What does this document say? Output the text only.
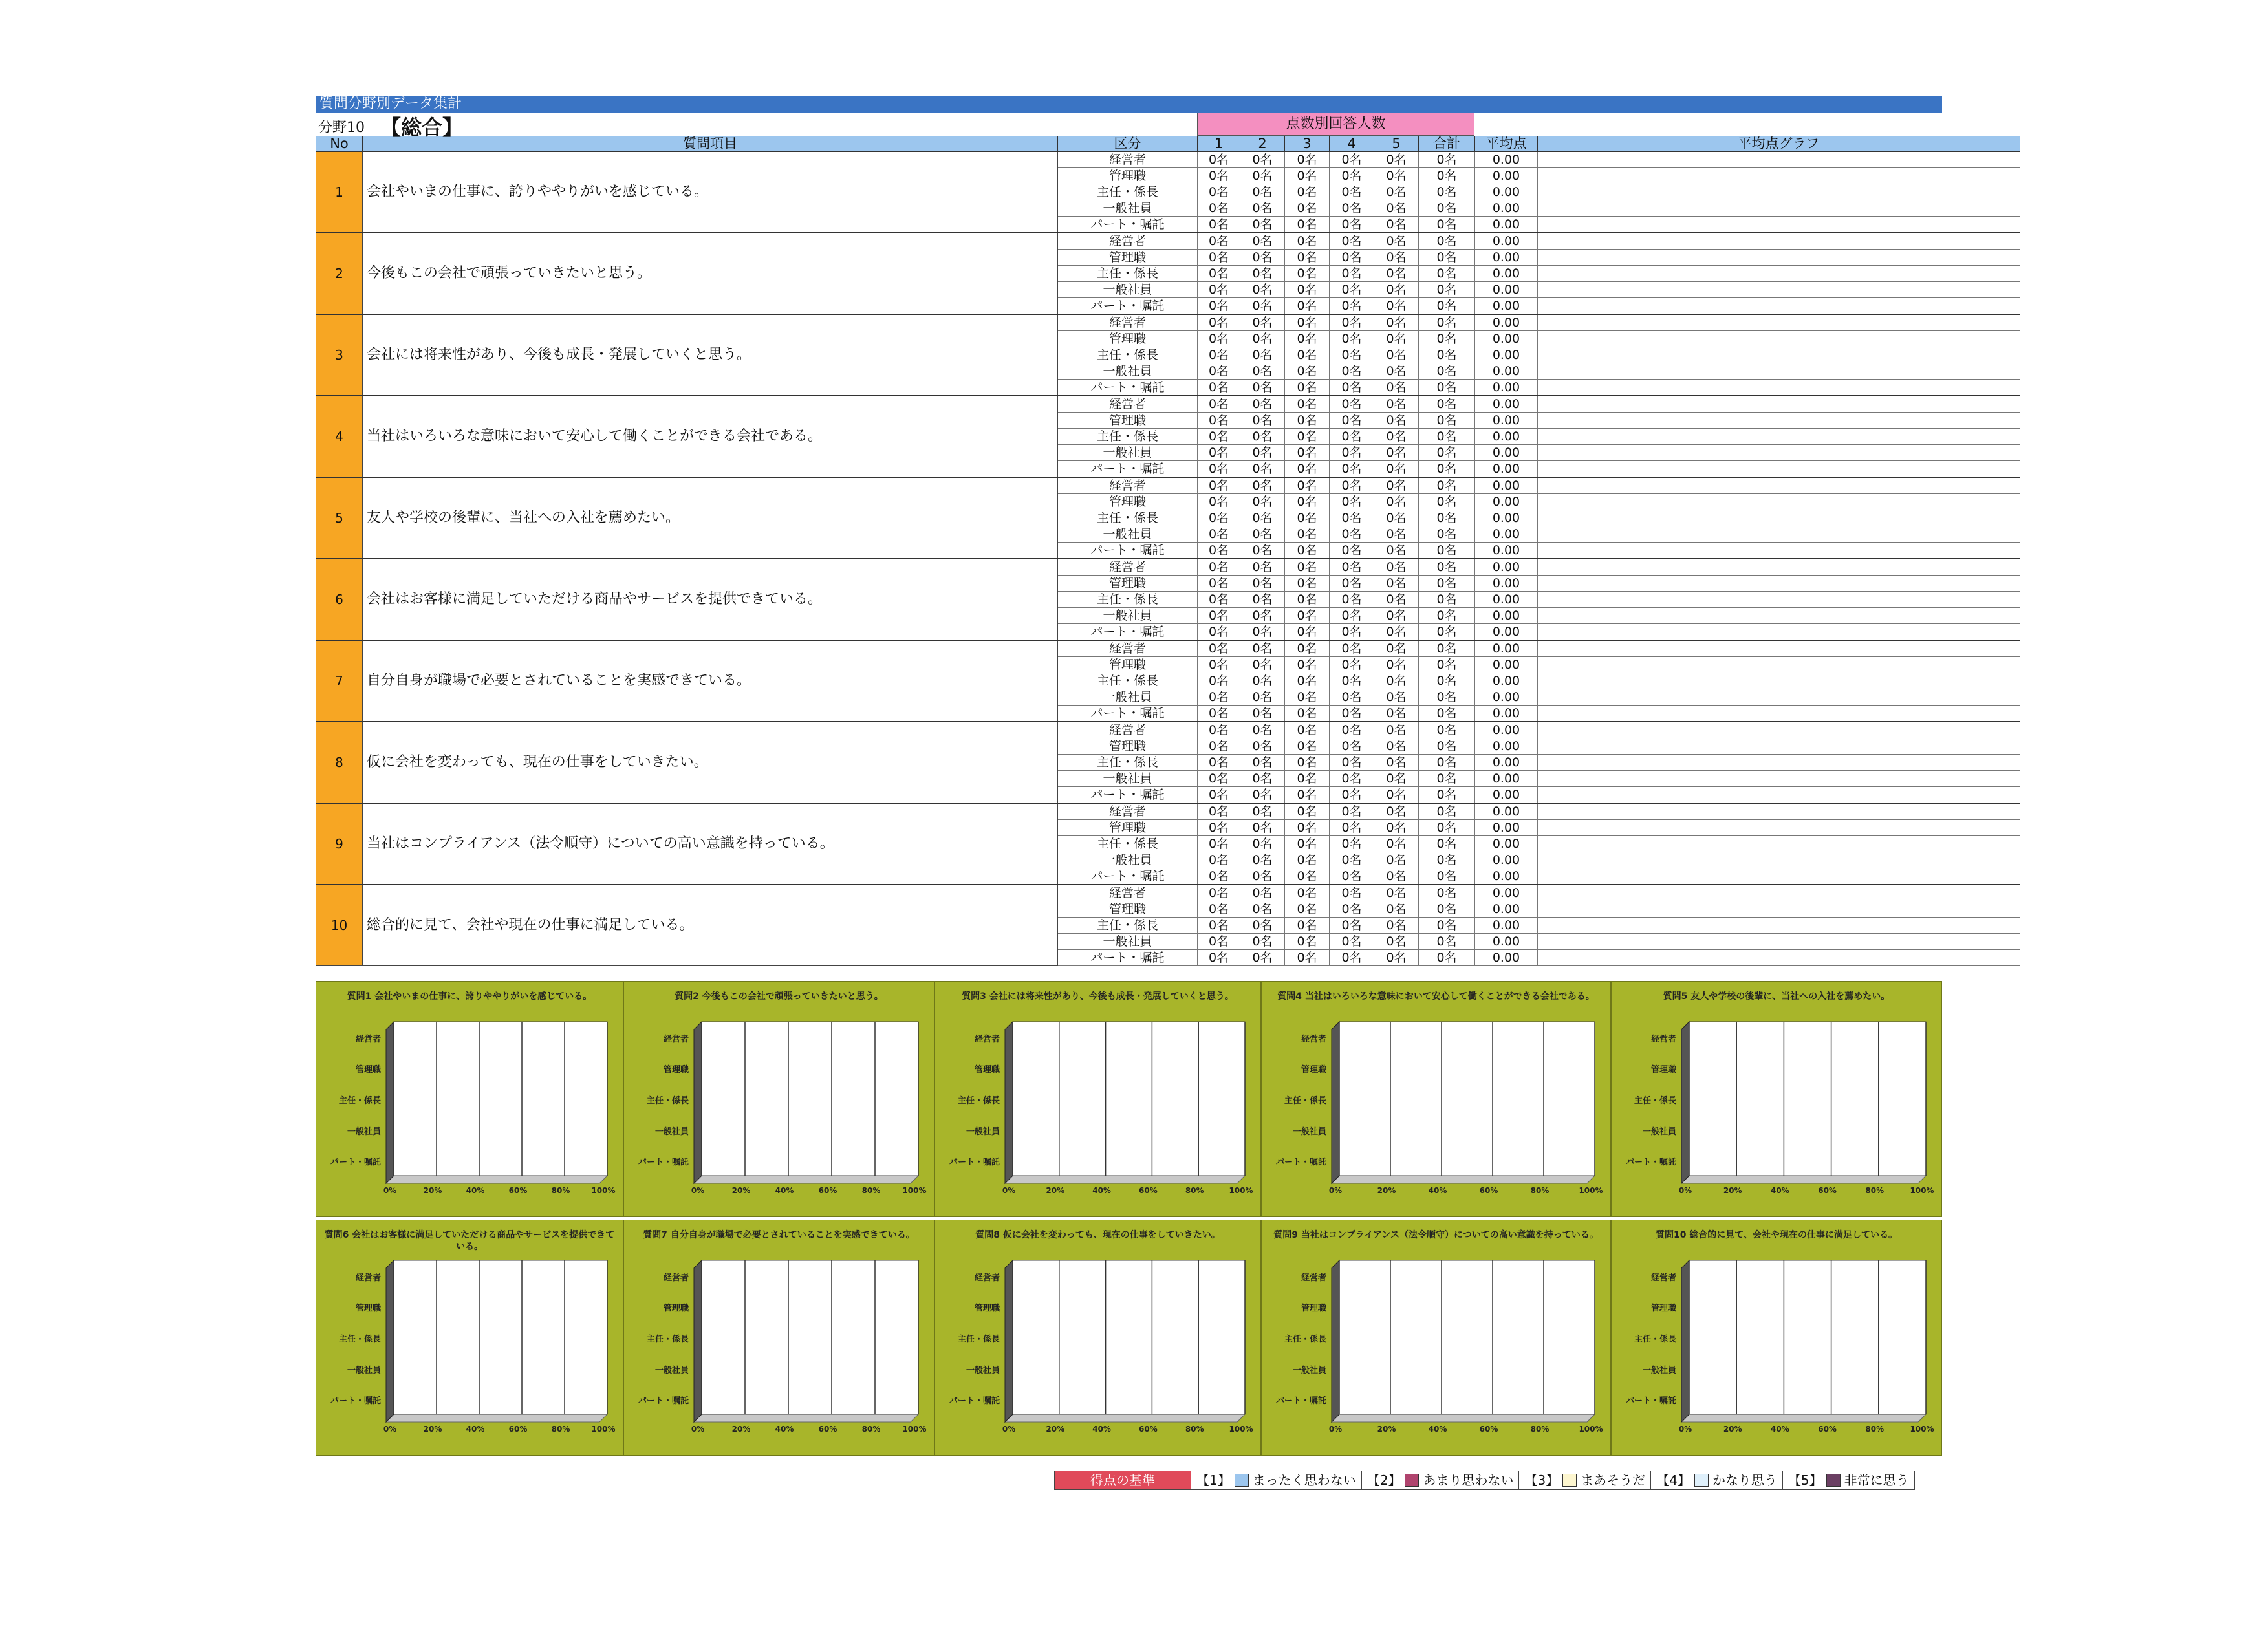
質問分野別データ集計
分野10 【総合】	点数別回答人数
No	質問項目	区分	1	2	3	4	5	合計	平均点	平均点グラフ
1	会社やいまの仕事に、誇りややりがいを感じている。	経営者	0名	0名	0名	0名	0名	0名	0.00	
		管理職	0名	0名	0名	0名	0名	0名	0.00	
		主任・係長	0名	0名	0名	0名	0名	0名	0.00	
		一般社員	0名	0名	0名	0名	0名	0名	0.00	
		パート・嘱託	0名	0名	0名	0名	0名	0名	0.00	
2	今後もこの会社で頑張っていきたいと思う。	経営者	0名	0名	0名	0名	0名	0名	0.00	
		管理職	0名	0名	0名	0名	0名	0名	0.00	
		主任・係長	0名	0名	0名	0名	0名	0名	0.00	
		一般社員	0名	0名	0名	0名	0名	0名	0.00	
		パート・嘱託	0名	0名	0名	0名	0名	0名	0.00	
3	会社には将来性があり、今後も成長・発展していくと思う。	経営者	0名	0名	0名	0名	0名	0名	0.00	
		管理職	0名	0名	0名	0名	0名	0名	0.00	
		主任・係長	0名	0名	0名	0名	0名	0名	0.00	
		一般社員	0名	0名	0名	0名	0名	0名	0.00	
		パート・嘱託	0名	0名	0名	0名	0名	0名	0.00	
4	当社はいろいろな意味において安心して働くことができる会社である。	経営者	0名	0名	0名	0名	0名	0名	0.00	
		管理職	0名	0名	0名	0名	0名	0名	0.00	
		主任・係長	0名	0名	0名	0名	0名	0名	0.00	
		一般社員	0名	0名	0名	0名	0名	0名	0.00	
		パート・嘱託	0名	0名	0名	0名	0名	0名	0.00	
5	友人や学校の後輩に、当社への入社を薦めたい。	経営者	0名	0名	0名	0名	0名	0名	0.00	
		管理職	0名	0名	0名	0名	0名	0名	0.00	
		主任・係長	0名	0名	0名	0名	0名	0名	0.00	
		一般社員	0名	0名	0名	0名	0名	0名	0.00	
		パート・嘱託	0名	0名	0名	0名	0名	0名	0.00	
6	会社はお客様に満足していただける商品やサービスを提供できている。	経営者	0名	0名	0名	0名	0名	0名	0.00	
		管理職	0名	0名	0名	0名	0名	0名	0.00	
		主任・係長	0名	0名	0名	0名	0名	0名	0.00	
		一般社員	0名	0名	0名	0名	0名	0名	0.00	
		パート・嘱託	0名	0名	0名	0名	0名	0名	0.00	
7	自分自身が職場で必要とされていることを実感できている。	経営者	0名	0名	0名	0名	0名	0名	0.00	
		管理職	0名	0名	0名	0名	0名	0名	0.00	
		主任・係長	0名	0名	0名	0名	0名	0名	0.00	
		一般社員	0名	0名	0名	0名	0名	0名	0.00	
		パート・嘱託	0名	0名	0名	0名	0名	0名	0.00	
8	仮に会社を変わっても、現在の仕事をしていきたい。	経営者	0名	0名	0名	0名	0名	0名	0.00	
		管理職	0名	0名	0名	0名	0名	0名	0.00	
		主任・係長	0名	0名	0名	0名	0名	0名	0.00	
		一般社員	0名	0名	0名	0名	0名	0名	0.00	
		パート・嘱託	0名	0名	0名	0名	0名	0名	0.00	
9	当社はコンプライアンス（法令順守）についての高い意識を持っている。	経営者	0名	0名	0名	0名	0名	0名	0.00	
		管理職	0名	0名	0名	0名	0名	0名	0.00	
		主任・係長	0名	0名	0名	0名	0名	0名	0.00	
		一般社員	0名	0名	0名	0名	0名	0名	0.00	
		パート・嘱託	0名	0名	0名	0名	0名	0名	0.00	
10	総合的に見て、会社や現在の仕事に満足している。	経営者	0名	0名	0名	0名	0名	0名	0.00	
		管理職	0名	0名	0名	0名	0名	0名	0.00	
		主任・係長	0名	0名	0名	0名	0名	0名	0.00	
		一般社員	0名	0名	0名	0名	0名	0名	0.00	
		パート・嘱託	0名	0名	0名	0名	0名	0名	0.00	
質問1 会社やいまの仕事に、誇りややりがいを感じている。
0%	20%	40%	60%	80%	100%
経営者
管理職
主任・係長
一般社員
パート・嘱託
質問2 今後もこの会社で頑張っていきたいと思う。
0%	20%	40%	60%	80%	100%
経営者
管理職
主任・係長
一般社員
パート・嘱託
質問3 会社には将来性があり、今後も成長・発展していくと思う。
0%	20%	40%	60%	80%	100%
経営者
管理職
主任・係長
一般社員
パート・嘱託
質問4 当社はいろいろな意味において安心して働くことができる会社である。
0%	20%	40%	60%	80%	100%
経営者
管理職
主任・係長
一般社員
パート・嘱託
質問5 友人や学校の後輩に、当社への入社を薦めたい。
0%	20%	40%	60%	80%	100%
経営者
管理職
主任・係長
一般社員
パート・嘱託
質問6 会社はお客様に満足していただける商品やサービスを提供できている。
0%	20%	40%	60%	80%	100%
経営者
管理職
主任・係長
一般社員
パート・嘱託
質問7 自分自身が職場で必要とされていることを実感できている。
0%	20%	40%	60%	80%	100%
経営者
管理職
主任・係長
一般社員
パート・嘱託
質問8 仮に会社を変わっても、現在の仕事をしていきたい。
0%	20%	40%	60%	80%	100%
経営者
管理職
主任・係長
一般社員
パート・嘱託
質問9 当社はコンプライアンス（法令順守）についての高い意識を持っている。
0%	20%	40%	60%	80%	100%
経営者
管理職
主任・係長
一般社員
パート・嘱託
質問10 総合的に見て、会社や現在の仕事に満足している。
0%	20%	40%	60%	80%	100%
経営者
管理職
主任・係長
一般社員
パート・嘱託
得点の基準	【1】 まったく思わない 【2】 あまり思わない 【3】 まあそうだ 【4】 かなり思う 【5】 非常に思う
